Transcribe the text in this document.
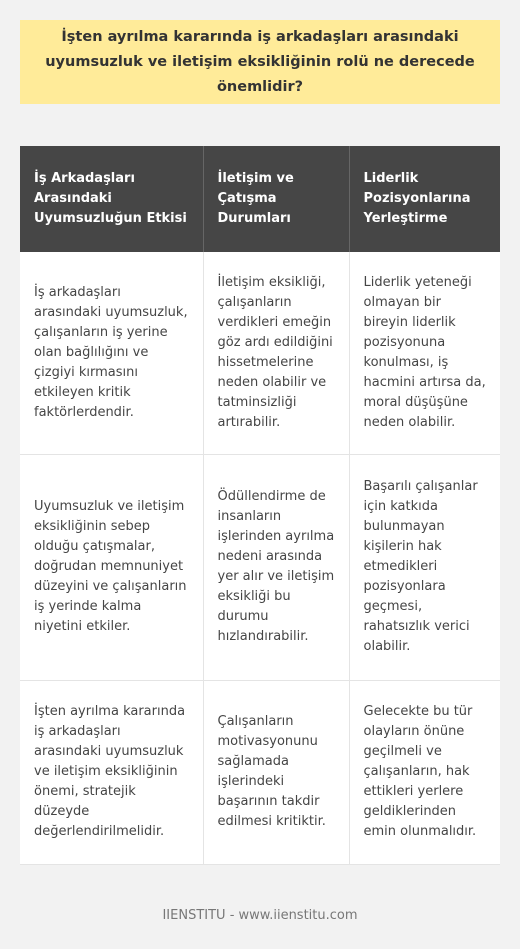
İşten ayrılma kararında iş arkadaşları arasındaki uyumsuzluk ve iletişim eksikliğinin rolü ne derecede önemlidir?
İş Arkadaşları Arasındaki Uyumsuzluğun Etkisi	İletişim ve Çatışma Durumları	Liderlik Pozisyonlarına Yerleştirme
İş arkadaşları arasındaki uyumsuzluk, çalışanların iş yerine olan bağlılığını ve çizgiyi kırmasını etkileyen kritik faktörlerdendir.	İletişim eksikliği, çalışanların verdikleri emeğin göz ardı edildiğini hissetmelerine neden olabilir ve tatminsizliği artırabilir.	Liderlik yeteneği olmayan bir bireyin liderlik pozisyonuna konulması, iş hacmini artırsa da, moral düşüşüne neden olabilir.
Uyumsuzluk ve iletişim eksikliğinin sebep olduğu çatışmalar, doğrudan memnuniyet düzeyini ve çalışanların iş yerinde kalma niyetini etkiler.	Ödüllendirme de insanların işlerinden ayrılma nedeni arasında yer alır ve iletişim eksikliği bu durumu hızlandırabilir.	Başarılı çalışanlar için katkıda bulunmayan kişilerin hak etmedikleri pozisyonlara geçmesi, rahatsızlık verici olabilir.
İşten ayrılma kararında iş arkadaşları arasındaki uyumsuzluk ve iletişim eksikliğinin önemi, stratejik düzeyde değerlendirilmelidir.	Çalışanların motivasyonunu sağlamada işlerindeki başarının takdir edilmesi kritiktir.	Gelecekte bu tür olayların önüne geçilmeli ve çalışanların, hak ettikleri yerlere geldiklerinden emin olunmalıdır.
IIENSTITU - www.iienstitu.com
